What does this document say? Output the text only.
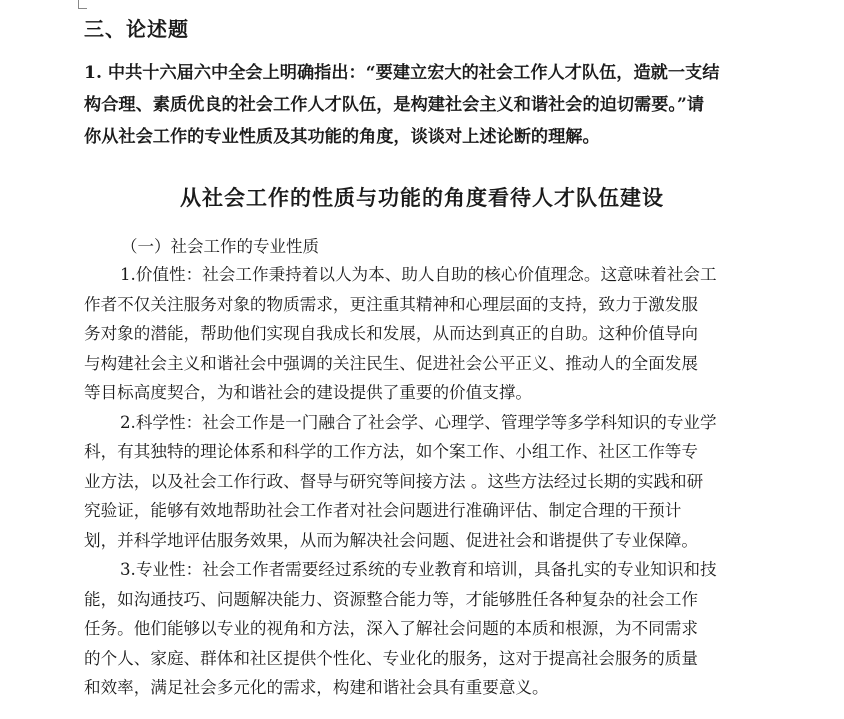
三、论述题
1. 中共十六届六中全会上明确指出：“要建立宏大的社会工作人才队伍，造就一支结
构合理、素质优良的社会工作人才队伍，是构建社会主义和谐社会的迫切需要。”请
你从社会工作的专业性质及其功能的角度，谈谈对上述论断的理解。
从社会工作的性质与功能的角度看待人才队伍建设
（一）社会工作的专业性质
1.价值性：社会工作秉持着以人为本、助人自助的核心价值理念。这意味着社会工
作者不仅关注服务对象的物质需求，更注重其精神和心理层面的支持，致力于激发服
务对象的潜能，帮助他们实现自我成长和发展，从而达到真正的自助。这种价值导向
与构建社会主义和谐社会中强调的关注民生、促进社会公平正义、推动人的全面发展
等目标高度契合，为和谐社会的建设提供了重要的价值支撑。
2.科学性：社会工作是一门融合了社会学、心理学、管理学等多学科知识的专业学
科，有其独特的理论体系和科学的工作方法，如个案工作、小组工作、社区工作等专
业方法，以及社会工作行政、督导与研究等间接方法 。这些方法经过长期的实践和研
究验证，能够有效地帮助社会工作者对社会问题进行准确评估、制定合理的干预计
划，并科学地评估服务效果，从而为解决社会问题、促进社会和谐提供了专业保障。
3.专业性：社会工作者需要经过系统的专业教育和培训，具备扎实的专业知识和技
能，如沟通技巧、问题解决能力、资源整合能力等，才能够胜任各种复杂的社会工作
任务。他们能够以专业的视角和方法，深入了解社会问题的本质和根源，为不同需求
的个人、家庭、群体和社区提供个性化、专业化的服务，这对于提高社会服务的质量
和效率，满足社会多元化的需求，构建和谐社会具有重要意义。
